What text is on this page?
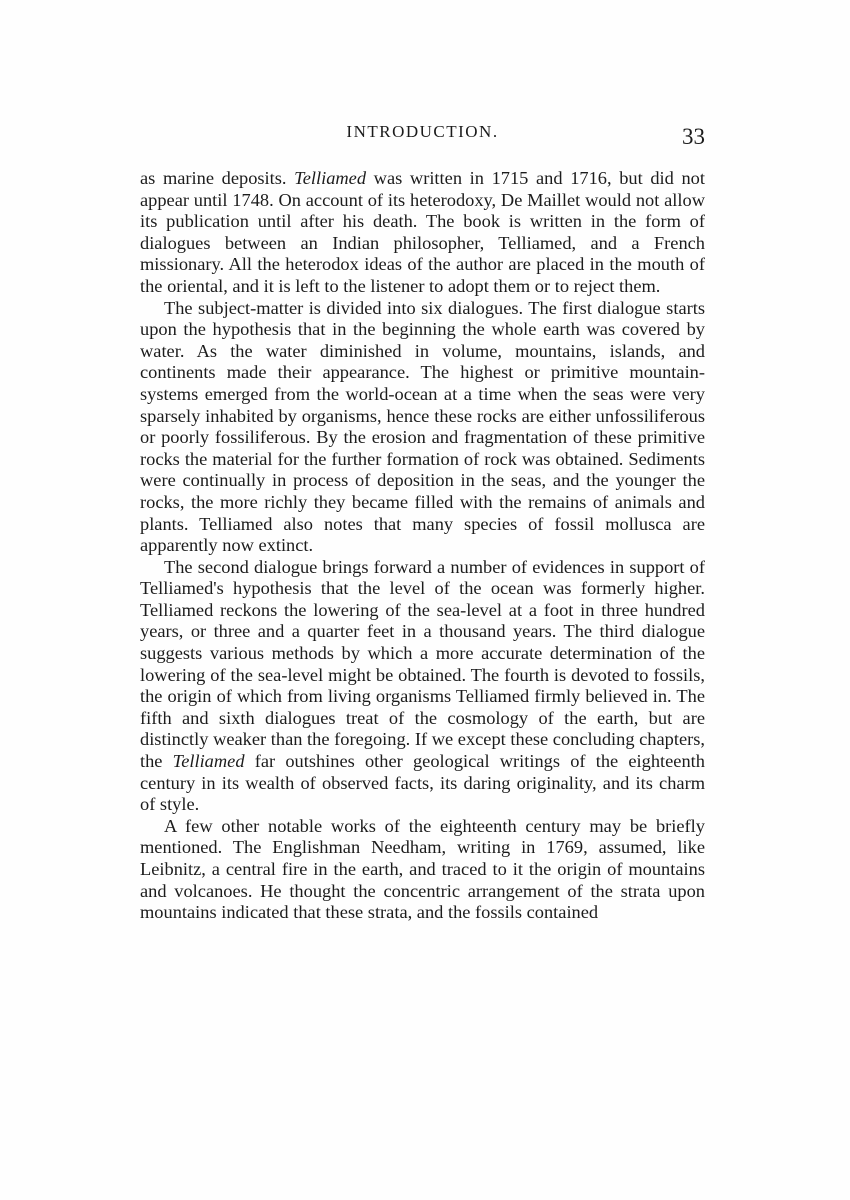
INTRODUCTION.	33

as marine deposits. Telliamed was written in 1715 and 1716, but did not appear until 1748. On account of its heterodoxy, De Maillet would not allow its publication until after his death. The book is written in the form of dialogues between an Indian philosopher, Telliamed, and a French missionary. All the heterodox ideas of the author are placed in the mouth of the oriental, and it is left to the listener to adopt them or to reject them.

The subject-matter is divided into six dialogues. The first dialogue starts upon the hypothesis that in the beginning the whole earth was covered by water. As the water diminished in volume, mountains, islands, and continents made their appearance. The highest or primitive mountain-systems emerged from the world-ocean at a time when the seas were very sparsely inhabited by organisms, hence these rocks are either unfossiliferous or poorly fossiliferous. By the erosion and fragmentation of these primitive rocks the material for the further formation of rock was obtained. Sediments were continually in process of deposition in the seas, and the younger the rocks, the more richly they became filled with the remains of animals and plants. Telliamed also notes that many species of fossil mollusca are apparently now extinct.

The second dialogue brings forward a number of evidences in support of Telliamed's hypothesis that the level of the ocean was formerly higher. Telliamed reckons the lowering of the sea-level at a foot in three hundred years, or three and a quarter feet in a thousand years. The third dialogue suggests various methods by which a more accurate determination of the lowering of the sea-level might be obtained. The fourth is devoted to fossils, the origin of which from living organisms Telliamed firmly believed in. The fifth and sixth dialogues treat of the cosmology of the earth, but are distinctly weaker than the foregoing. If we except these concluding chapters, the Telliamed far outshines other geological writings of the eighteenth century in its wealth of observed facts, its daring originality, and its charm of style.

A few other notable works of the eighteenth century may be briefly mentioned. The Englishman Needham, writing in 1769, assumed, like Leibnitz, a central fire in the earth, and traced to it the origin of mountains and volcanoes. He thought the concentric arrangement of the strata upon mountains indicated that these strata, and the fossils contained
